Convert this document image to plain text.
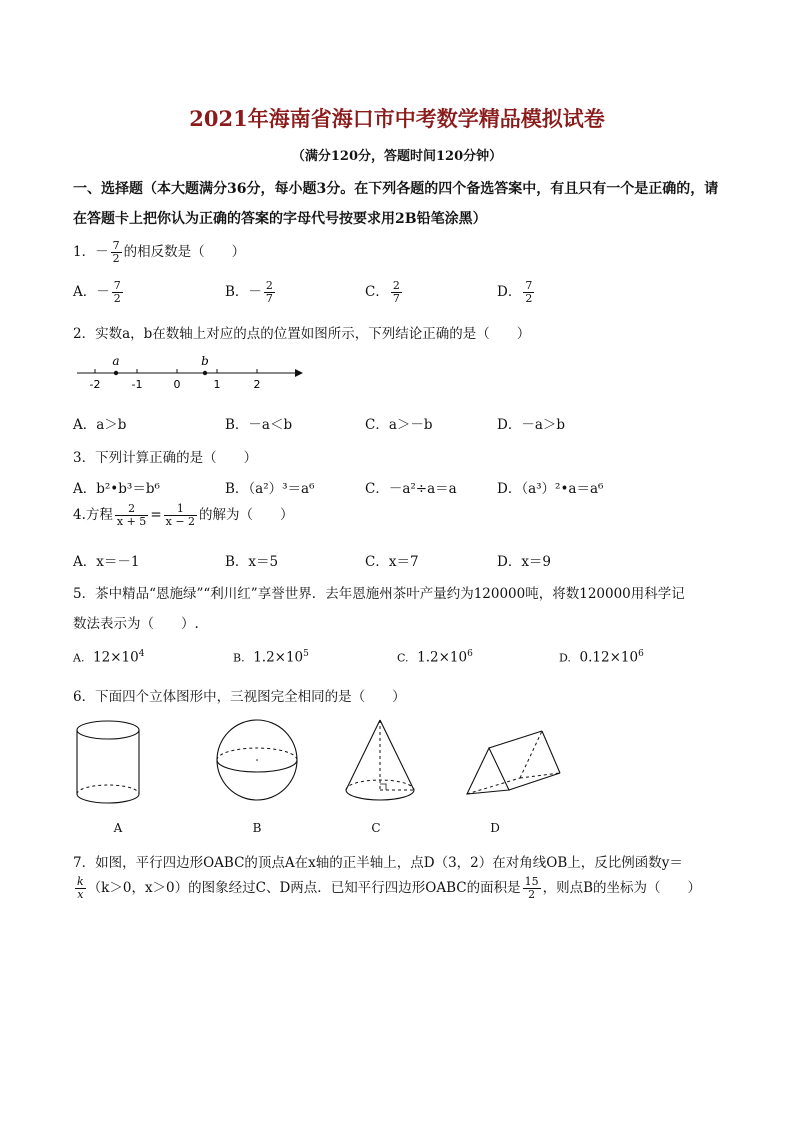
2021年海南省海口市中考数学精品模拟试卷
（满分120分，答题时间120分钟）
一、选择题（本大题满分36分，每小题3分。在下列各题的四个备选答案中，有且只有一个是正确的，请
在答题卡上把你认为正确的答案的字母代号按要求用2B铅笔涂黑）
1．－ $\frac{7}{2}$ 的相反数是（　　）
A．－ $\frac{7}{2}$	B．－ $\frac{2}{7}$	C． $\frac{2}{7}$	D． $\frac{7}{2}$
2．实数a，b在数轴上对应的点的位置如图所示，下列结论正确的是（　　）
a	b
-2	-1	0	1	2
A．a＞b	B．－a＜b	C．a＞－b	D．－a＞b
3．下列计算正确的是（　　）
A．b²•b³＝b⁶	B．（a²）³＝a⁶	C．－a²÷a＝a	D．（a³）²•a＝a⁶
4.方程 $\frac{2}{x + 5} = \frac{1}{x - 2}$ 的解为（　　）
A．x＝－1	B．x＝5	C．x＝7	D．x＝9
5．茶中精品“恩施绿”“利川红”享誉世界．去年恩施州茶叶产量约为120000吨，将数120000用科学记
数法表示为（　　）.
A. $12\times 10^4$	B. $1.2\times 10^5$	C. $1.2\times 10^6$	D. $0.12\times 10^6$
6．下面四个立体图形中，三视图完全相同的是（　　）
A	B	C	D
7．如图，平行四边形OABC的顶点A在x轴的正半轴上，点D（3，2）在对角线OB上，反比例函数y＝
$\frac{k}{x} (k>0$，x＞0）的图象经过C、D两点．已知平行四边形OABC的面积是 $\frac{15}{2}$ ，则点B的坐标为（　　）
